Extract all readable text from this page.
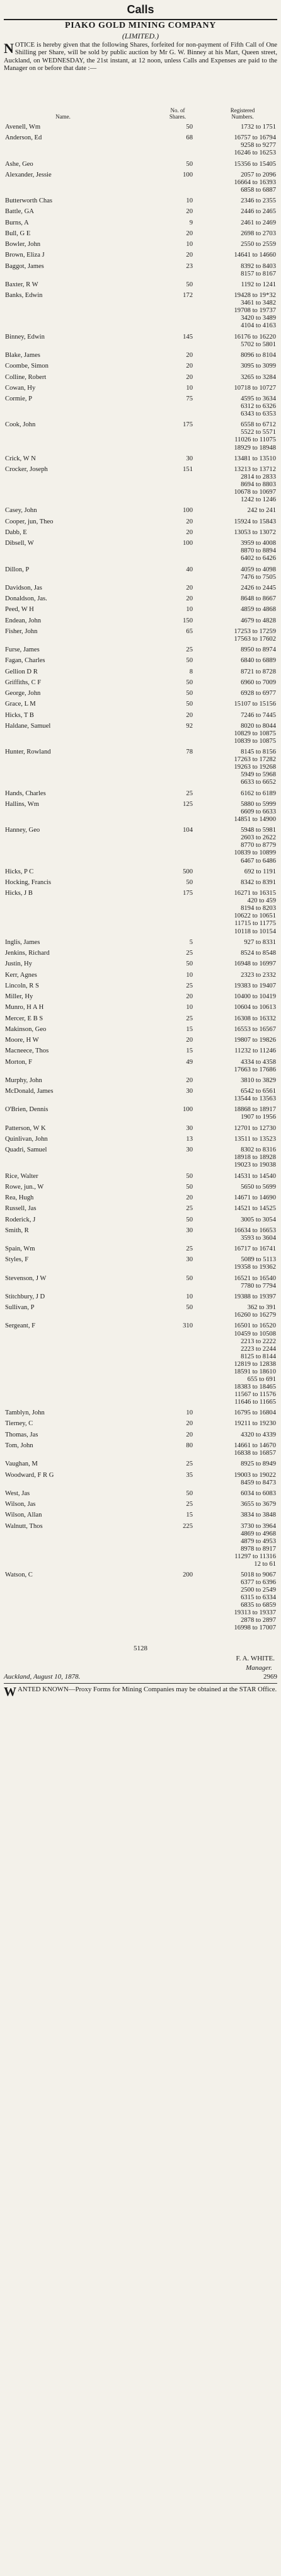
Calls
PIAKO GOLD MINING COMPANY
(LIMITED.)
NOTICE is hereby given that the following Shares, forfeited for non-payment of Fifth Call of One Shilling per Share, will be sold by public auction by Mr G. W. Binney at his Mart, Queen street, Auckland, on WEDNESDAY, the 21st instant, at 12 noon, unless Calls and Expenses are paid to the Manager on or before that date :—
Name.
No. of Shares.
Registered Numbers.
Avenell, Wm	50	1732 to 1751
Anderson, Ed	68	16757 to 16794
9258 to 9277
16246 to 16253
Ashe, Geo	50	15356 to 15405
Alexander, Jessie	100	2057 to 2096
16664 to 16393
6858 to 6887
Butterworth Chas	10	2346 to 2355
Battle, GA	20	2446 to 2465
Burns, A	9	2461 to 2469
Bull, G E	20	2698 to 2703
Bowler, John	10	2550 to 2559
Brown, Eliza J	20	14641 to 14660
Baggot, James	23	8392 to 8403
8157 to 8167
Baxter, R W	50	1192 to 1241
Banks, Edwin	172	19428 to 19*32
3461 to 3482
19708 to 19737
3420 to 3489
4104 to 4163
Binney, Edwin	145	16176 to 16220
5702 to 5801
Blake, James	20	8096 to 8104
Coombe, Simon	20	3095 to 3099
Colline, Robert	20	3265 to 3284
Cowan, Hy	10	10718 to 10727
Cormie, P	75	4595 to 3634
6312 to 6326
6343 to 6353
Cook, John	175	6558 to 6712
5522 to 5571
11026 to 11075
18929 to 18948
Crick, W N	30	13481 to 13510
Crocker, Joseph	151	13213 to 13712
2814 to 2833
8694 to 8803
10678 to 10697
1242 to 1246
Casey, John	100	242 to 241
Cooper, jun, Theo	20	15924 to 15843
Dabb, E	20	13053 to 13072
Dibsell, W	100	3959 to 4008
8870 to 8894
6402 to 6426
Dillon, P	40	4059 to 4098
7476 to 7505
Davidson, Jas	20	2426 to 2445
Donaldson, Jas.	20	8648 to 8667
Peed, W H	10	4859 to 4868
Endean, John	150	4679 to 4828
Fisher, John	65	17253 to 17259
17563 to 17602
Furse, James	25	8950 to 8974
Fagan, Charles	50	6840 to 6889
Gellion D R	8	8721 to 8728
Griffiths, C F	50	6960 to 7009
George, John	50	6928 to 6977
Grace, L M	50	15107 to 15156
Hicks, T B	20	7246 to 7445
Haldane, Samuel	92	8020 to 8044
10829 to 10875
10839 to 10875
Hunter, Rowland	78	8145 to 8156
17263 to 17282
19263 to 19268
5949 to 5968
6633 to 6652
Hands, Charles	25	6162 to 6189
Hallins, Wm	125	5880 to 5999
6609 to 6633
14851 to 14900
Hanney, Geo	104	5948 to 5981
2603 to 2622
8770 to 8779
10839 to 10899
6467 to 6486
Hicks, P C	500	692 to 1191
Hocking, Francis	50	8342 to 8391
Hicks, J B	175	16271 to 16315
420 to 459
8194 to 8203
10622 to 10651
11715 to 11775
10118 to 10154
Inglis, James	5	927 to 8331
Jenkins, Richard	25	8524 to 8548
Justin, Hy	50	16948 to 16997
Kerr, Agnes	10	2323 to 2332
Lincoln, R S	25	19383 to 19407
Miller, Hy	20	10400 to 10419
Munro, H A H	10	10604 to 10613
Mercer, E B S	25	16308 to 16332
Makinson, Geo	15	16553 to 16567
Moore, H W	20	19807 to 19826
Macneece, Thos	15	11232 to 11246
Morton, F	49	4334 to 4358
17663 to 17686
Murphy, John	20	3810 to 3829
McDonald, James	30	6542 to 6561
13544 to 13563
O'Brien, Dennis	100	18868 to 18917
1907 to 1956
Patterson, W K	30	12701 to 12730
Quinlivan, John	13	13511 to 13523
Quadri, Samuel	30	8302 to 8316
18918 to 18928
19023 to 19038
Rice, Walter	50	14531 to 14540
Rowe, jun., W	50	5650 to 5699
Rea, Hugh	20	14671 to 14690
Russell, Jas	25	14521 to 14525
Roderick, J	50	3005 to 3054
Smith, R	30	16634 to 16653
3593 to 3604
Spain, Wm	25	16717 to 16741
Styles, F	30	5089 to 5113
19358 to 19362
Stevenson, J W	50	16521 to 16540
7780 to 7794
Stitchbury, J D	10	19388 to 19397
Sullivan, P	50	362 to 391
16260 to 16279
Sergeant, F	310	16501 to 16520
10459 to 10508
2213 to 2222
2223 to 2244
8125 to 8144
12819 to 12838
18591 to 18610
655 to 691
18383 to 18465
11567 to 11576
11646 to 11665
Tamblyn, John	10	16795 to 16804
Tierney, C	20	19211 to 19230
Thomas, Jas	20	4320 to 4339
Tom, John	80	14661 to 14670
16838 to 16857
Vaughan, M	25	8925 to 8949
Woodward, F R G	35	19003 to 19022
8459 to 8473
West, Jas	50	6034 to 6083
Wilson, Jas	25	3655 to 3679
Wilson, Allan	15	3834 to 3848
Walnutt, Thos	225	3730 to 3964
4869 to 4968
4879 to 4953
8978 to 8917
11297 to 11316
12 to 61
Watson, C	200	5018 to 9067
6377 to 6396
2500 to 2549
6315 to 6334
6835 to 6859
19313 to 19337
2878 to 2897
16998 to 17007
5128
F. A. WHITE.
Manager.
Auckland, August 10, 1878.	2969
WANTED KNOWN—Proxy Forms for Mining Companies may be obtained at the STAR Office.
